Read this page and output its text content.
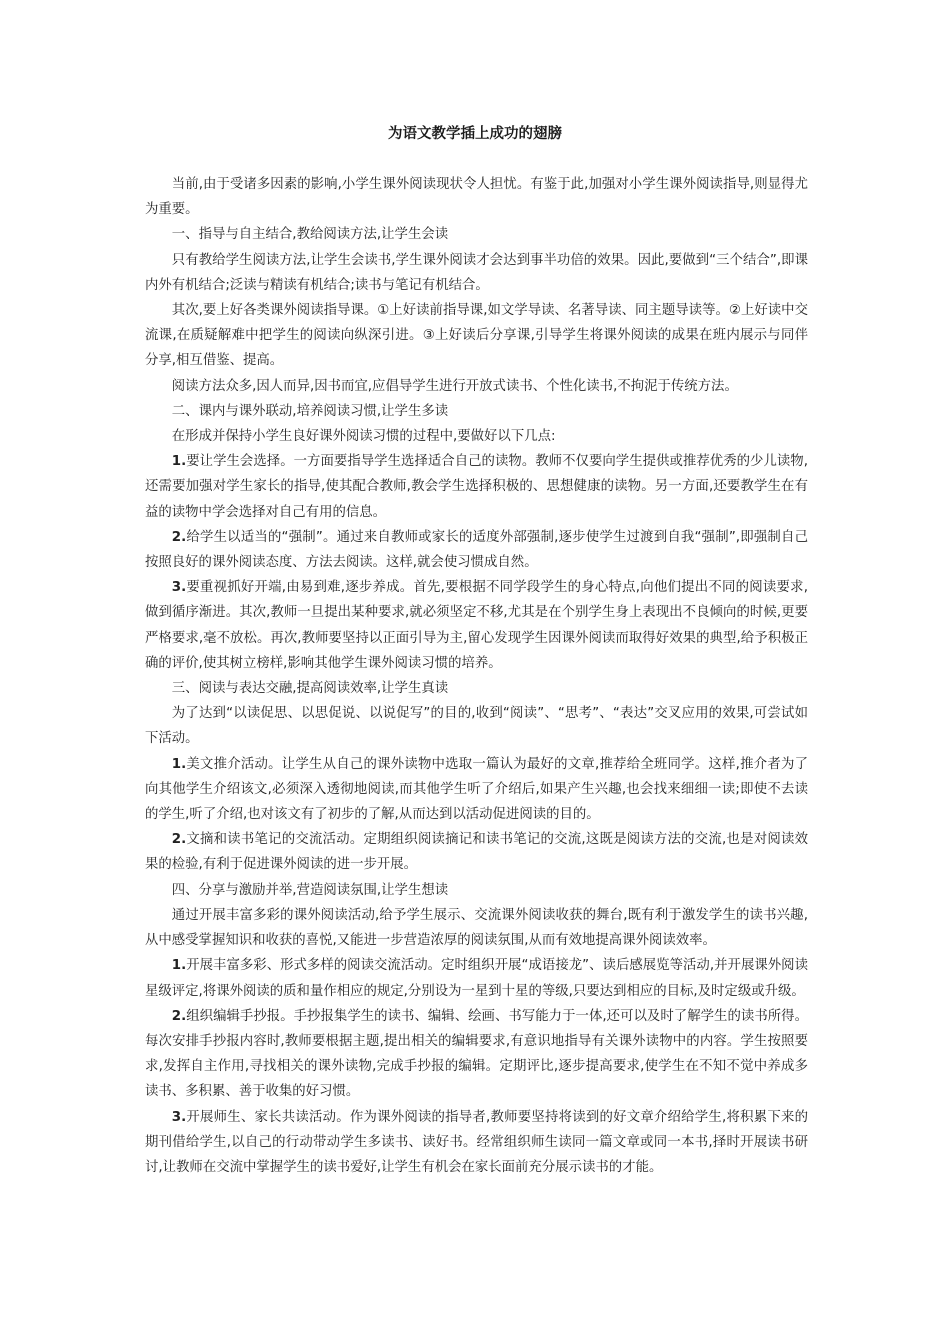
为语文教学插上成功的翅膀

当前,由于受诸多因素的影响,小学生课外阅读现状令人担忧。有鉴于此,加强对小学生课外阅读指导,则显得尤为重要。

一、指导与自主结合,教给阅读方法,让学生会读

只有教给学生阅读方法,让学生会读书,学生课外阅读才会达到事半功倍的效果。因此,要做到“三个结合”,即课内外有机结合;泛读与精读有机结合;读书与笔记有机结合。

其次,要上好各类课外阅读指导课。①上好读前指导课,如文学导读、名著导读、同主题导读等。②上好读中交流课,在质疑解难中把学生的阅读向纵深引进。③上好读后分享课,引导学生将课外阅读的成果在班内展示与同伴分享,相互借鉴、提高。

阅读方法众多,因人而异,因书而宜,应倡导学生进行开放式读书、个性化读书,不拘泥于传统方法。

二、课内与课外联动,培养阅读习惯,让学生多读

在形成并保持小学生良好课外阅读习惯的过程中,要做好以下几点:

1.要让学生会选择。一方面要指导学生选择适合自己的读物。教师不仅要向学生提供或推荐优秀的少儿读物,还需要加强对学生家长的指导,使其配合教师,教会学生选择积极的、思想健康的读物。另一方面,还要教学生在有益的读物中学会选择对自己有用的信息。

2.给学生以适当的“强制”。通过来自教师或家长的适度外部强制,逐步使学生过渡到自我“强制”,即强制自己按照良好的课外阅读态度、方法去阅读。这样,就会使习惯成自然。

3.要重视抓好开端,由易到难,逐步养成。首先,要根据不同学段学生的身心特点,向他们提出不同的阅读要求,做到循序渐进。其次,教师一旦提出某种要求,就必须坚定不移,尤其是在个别学生身上表现出不良倾向的时候,更要严格要求,毫不放松。再次,教师要坚持以正面引导为主,留心发现学生因课外阅读而取得好效果的典型,给予积极正确的评价,使其树立榜样,影响其他学生课外阅读习惯的培养。

三、阅读与表达交融,提高阅读效率,让学生真读

为了达到“以读促思、以思促说、以说促写”的目的,收到“阅读”、“思考”、“表达”交叉应用的效果,可尝试如下活动。

1.美文推介活动。让学生从自己的课外读物中选取一篇认为最好的文章,推荐给全班同学。这样,推介者为了向其他学生介绍该文,必须深入透彻地阅读,而其他学生听了介绍后,如果产生兴趣,也会找来细细一读;即使不去读的学生,听了介绍,也对该文有了初步的了解,从而达到以活动促进阅读的目的。

2.文摘和读书笔记的交流活动。定期组织阅读摘记和读书笔记的交流,这既是阅读方法的交流,也是对阅读效果的检验,有利于促进课外阅读的进一步开展。

四、分享与激励并举,营造阅读氛围,让学生想读

通过开展丰富多彩的课外阅读活动,给予学生展示、交流课外阅读收获的舞台,既有利于激发学生的读书兴趣,从中感受掌握知识和收获的喜悦,又能进一步营造浓厚的阅读氛围,从而有效地提高课外阅读效率。

1.开展丰富多彩、形式多样的阅读交流活动。定时组织开展“成语接龙”、读后感展览等活动,并开展课外阅读星级评定,将课外阅读的质和量作相应的规定,分别设为一星到十星的等级,只要达到相应的目标,及时定级或升级。

2.组织编辑手抄报。手抄报集学生的读书、编辑、绘画、书写能力于一体,还可以及时了解学生的读书所得。每次安排手抄报内容时,教师要根据主题,提出相关的编辑要求,有意识地指导有关课外读物中的内容。学生按照要求,发挥自主作用,寻找相关的课外读物,完成手抄报的编辑。定期评比,逐步提高要求,使学生在不知不觉中养成多读书、多积累、善于收集的好习惯。

3.开展师生、家长共读活动。作为课外阅读的指导者,教师要坚持将读到的好文章介绍给学生,将积累下来的期刊借给学生,以自己的行动带动学生多读书、读好书。经常组织师生读同一篇文章或同一本书,择时开展读书研讨,让教师在交流中掌握学生的读书爱好,让学生有机会在家长面前充分展示读书的才能。
